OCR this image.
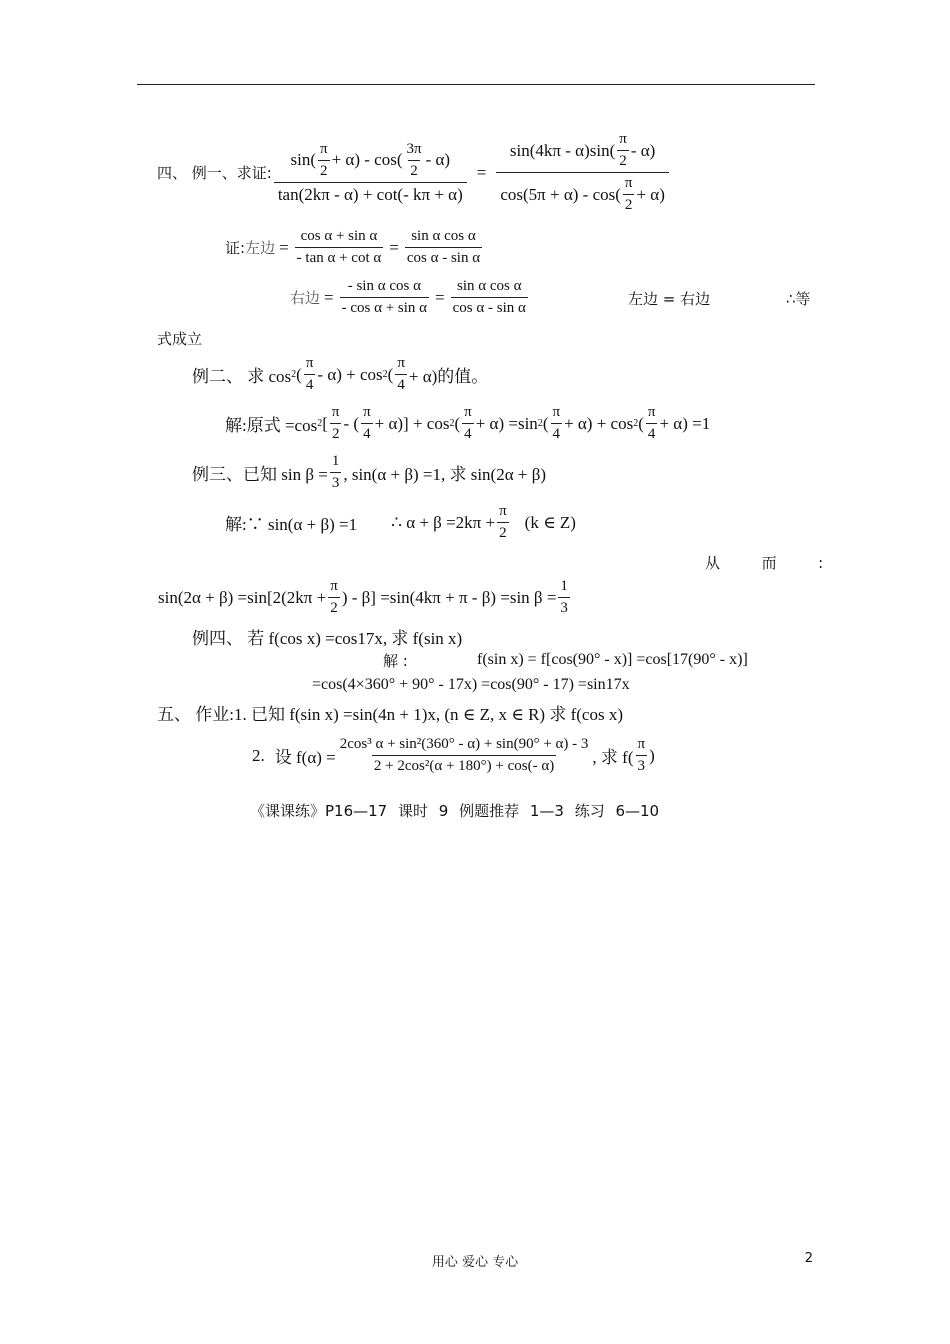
四、 例一、求证: $\frac{\sin( \frac{\pi}{2} + \alpha) - \cos( \frac{3\pi}{2} - \alpha)}{\tan(2k\pi - \alpha) + \cot(- k\pi + \alpha)} = \frac{\sin(4k\pi - \alpha)\sin( \frac{\pi}{2} - \alpha)}{\cos(5\pi + \alpha) - \cos( \frac{\pi}{2} + \alpha)}$
证: 左边 = $\frac{\text{cos α + sin α}}{\text{- tan α + cot α}} = \frac{\text{sin α cos α}}{\text{cos α - sin α}}$
右边 = $\frac{\text{- sin α cos α}}{\text{- cos α + sin α}} = \frac{\text{sin α cos α}}{\text{cos α - sin α}}$	左边 = 右边	∴等
式成立
例二、 求 cos 2 ( $\frac{\pi}{4} - \alpha) + \cos 2$ ( $\frac{\pi}{4} + \alpha$)的值。
解:原式 =cos 2 [ $\frac{\pi}{2}$ - ( $\frac{\pi}{4} + \alpha)] + \cos 2$ ( $\frac{\pi}{4} + \alpha) =\sin$ 2 ( $\frac{\pi}{4} + \alpha) + \cos 2$ ( $\frac{\pi}{4} + \alpha) =1$
例三、已知 $\sin \beta = \frac{1}{3}$ , sin(α + β) =1, 求 sin(2α + β)
解:∵ sin(α + β) =1 ∴ $\alpha + \beta =2k\pi + \frac{\pi}{2} (k$ ∈ Z)
从	而	:
$\sin(2\alpha + \beta) =\sin[2(2k\pi + \frac{\pi}{2}$ ) - β] =sin(4kπ + π - β) =sin $\beta = \frac{1}{3}$
例四、 若 f(cos x) =cos17x, 求 f(sin x)
解 :	f(sin x) = f[cos(90° - x)] =cos[17(90° - x)]
=cos(4×360° + 90° - 17x) =cos(90° - 17) =sin17x
五、 作业:1. 已知 f(sin x) =sin(4n + 1)x, (n ∈ Z, x ∈ R) 求 f(cos x)
2. 设 $f(\alpha) = \frac{\text{2cos³ α + sin²(360° - α) + sin(90° + α) - 3}}{\text{2 + 2cos²(α + 180°) + cos(- α)}}$ , 求 $f( \frac{\pi}{3}$ )
《课课练》P16—17 课时 9 例题推荐 1—3 练习 6—10
用心 爱心 专心	2
